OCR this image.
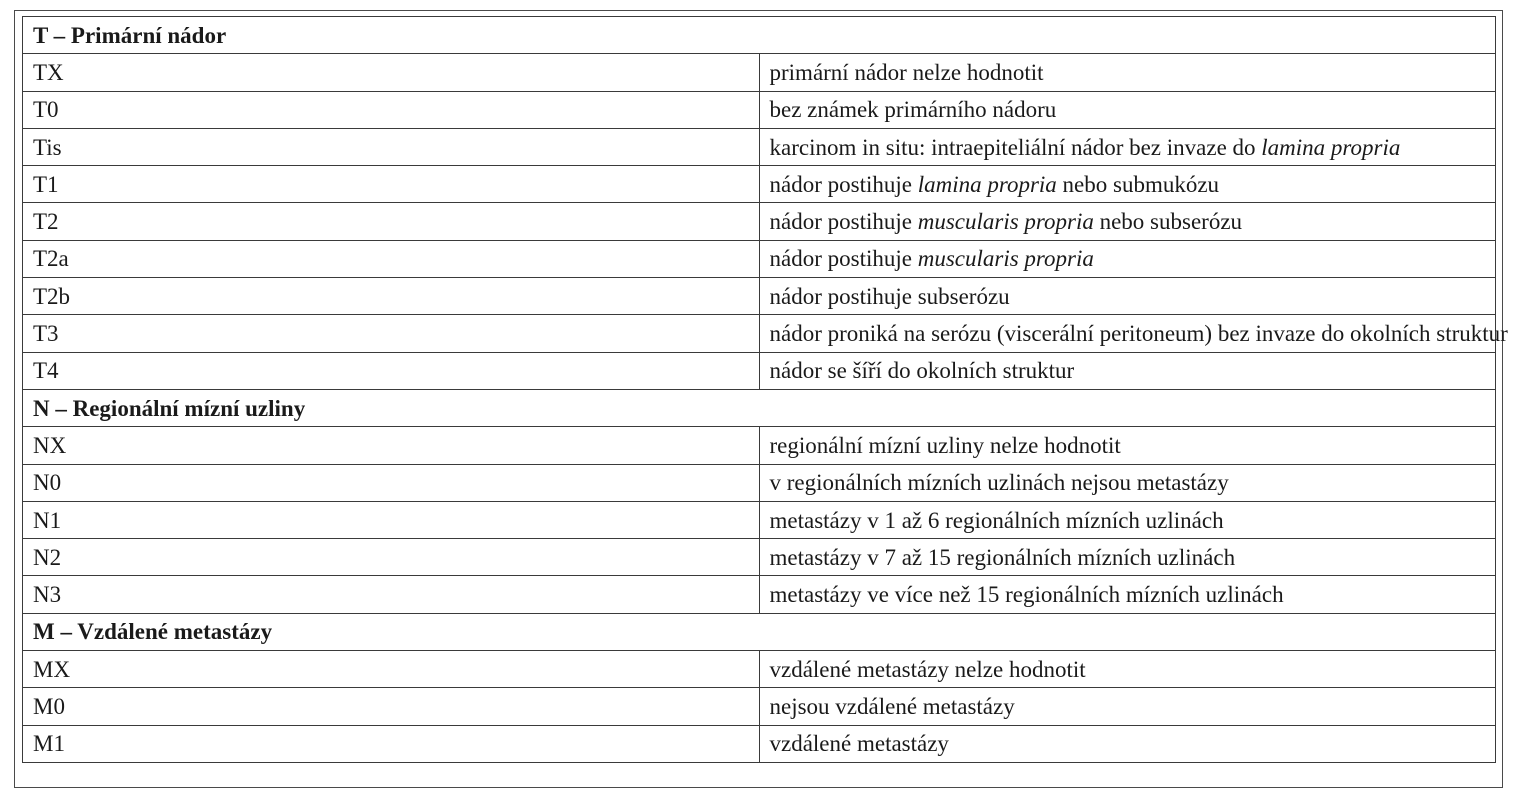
T – Primární nádor	
TX	primární nádor nelze hodnotit
T0	bez známek primárního nádoru
Tis	karcinom in situ: intraepiteliální nádor bez invaze do lamina propria
T1	nádor postihuje lamina propria nebo submukózu
T2	nádor postihuje muscularis propria nebo subserózu
T2a	nádor postihuje muscularis propria
T2b	nádor postihuje subserózu
T3	nádor proniká na serózu (viscerální peritoneum) bez invaze do okolních struktur
T4	nádor se šíří do okolních struktur
N – Regionální mízní uzliny	
NX	regionální mízní uzliny nelze hodnotit
N0	v regionálních mízních uzlinách nejsou metastázy
N1	metastázy v 1 až 6 regionálních mízních uzlinách
N2	metastázy v 7 až 15 regionálních mízních uzlinách
N3	metastázy ve více než 15 regionálních mízních uzlinách
M – Vzdálené metastázy	
MX	vzdálené metastázy nelze hodnotit
M0	nejsou vzdálené metastázy
M1	vzdálené metastázy
